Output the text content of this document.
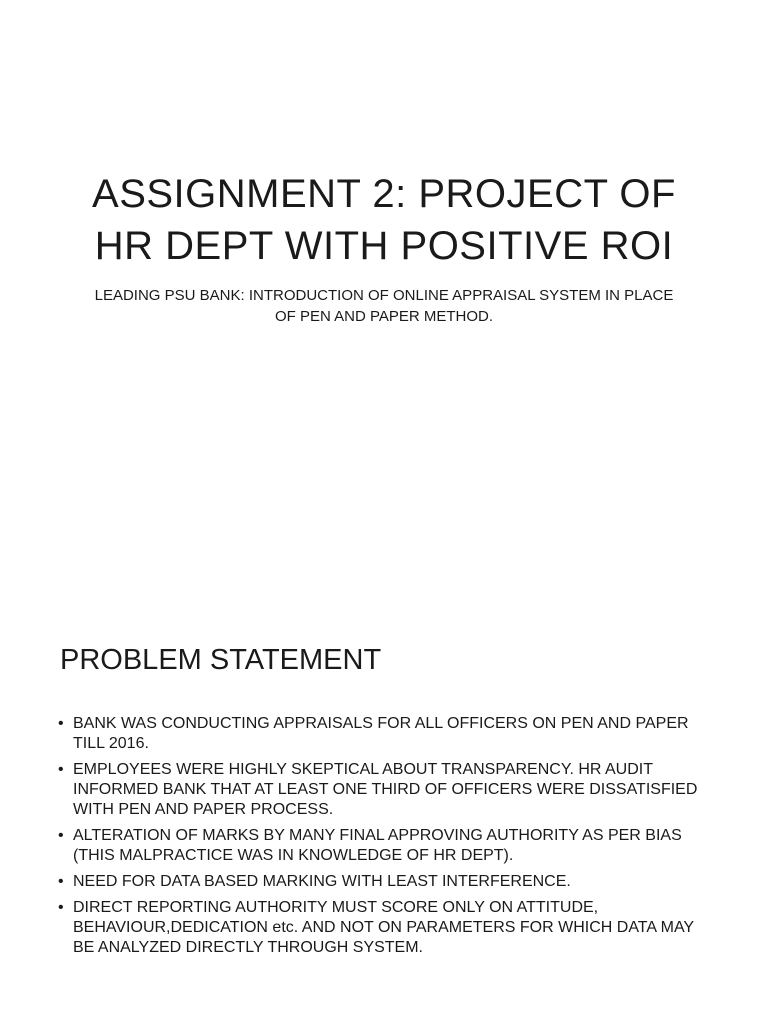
ASSIGNMENT 2: PROJECT OF HR DEPT WITH POSITIVE ROI

LEADING PSU BANK: INTRODUCTION OF ONLINE APPRAISAL SYSTEM IN PLACE OF PEN AND PAPER METHOD.

PROBLEM STATEMENT
• BANK WAS CONDUCTING APPRAISALS FOR ALL OFFICERS ON PEN AND PAPER TILL 2016.
• EMPLOYEES WERE HIGHLY SKEPTICAL ABOUT TRANSPARENCY. HR AUDIT INFORMED BANK THAT AT LEAST ONE THIRD OF OFFICERS WERE DISSATISFIED WITH PEN AND PAPER PROCESS.
• ALTERATION OF MARKS BY MANY FINAL APPROVING AUTHORITY AS PER BIAS (THIS MALPRACTICE WAS IN KNOWLEDGE OF HR DEPT).
• NEED FOR DATA BASED MARKING WITH LEAST INTERFERENCE.
• DIRECT REPORTING AUTHORITY MUST SCORE ONLY ON ATTITUDE, BEHAVIOUR,DEDICATION etc. AND NOT ON PARAMETERS FOR WHICH DATA MAY BE ANALYZED DIRECTLY THROUGH SYSTEM.
